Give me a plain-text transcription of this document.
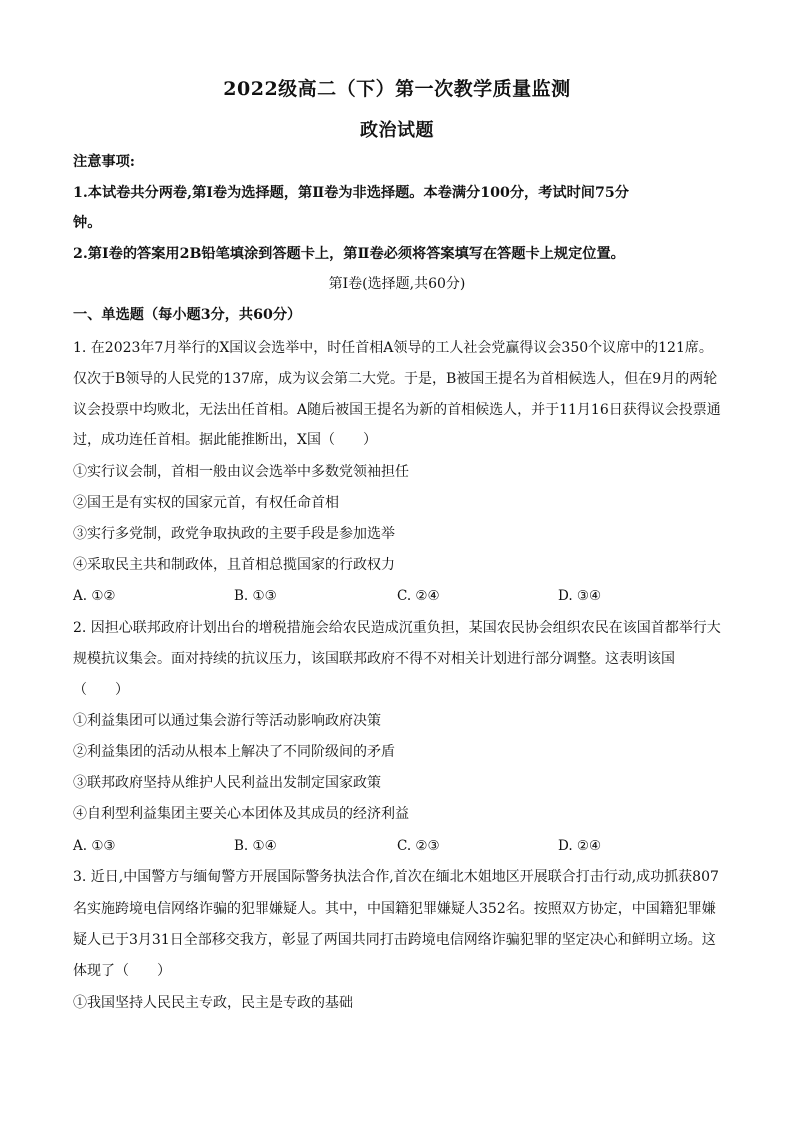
2022级高二（下）第一次教学质量监测
政治试题
注意事项:
1.本试卷共分两卷,第Ⅰ卷为选择题，第Ⅱ卷为非选择题。本卷满分100分，考试时间75分
钟。
2.第Ⅰ卷的答案用2B铅笔填涂到答题卡上，第Ⅱ卷必须将答案填写在答题卡上规定位置。
第Ⅰ卷(选择题,共60分)
一、单选题（每小题3分，共60分）
1. 在2023年7月举行的X国议会选举中，时任首相A领导的工人社会党赢得议会350个议席中的121席。
仅次于B领导的人民党的137席，成为议会第二大党。于是，B被国王提名为首相候选人，但在9月的两轮
议会投票中均败北，无法出任首相。A随后被国王提名为新的首相候选人，并于11月16日获得议会投票通
过，成功连任首相。据此能推断出，X国（　　）
①实行议会制，首相一般由议会选举中多数党领袖担任
②国王是有实权的国家元首，有权任命首相
③实行多党制，政党争取执政的主要手段是参加选举
④采取民主共和制政体，且首相总揽国家的行政权力
A. ①②	B. ①③	C. ②④	D. ③④
2. 因担心联邦政府计划出台的增税措施会给农民造成沉重负担，某国农民协会组织农民在该国首都举行大
规模抗议集会。面对持续的抗议压力，该国联邦政府不得不对相关计划进行部分调整。这表明该国
（　　）
①利益集团可以通过集会游行等活动影响政府决策
②利益集团的活动从根本上解决了不同阶级间的矛盾
③联邦政府坚持从维护人民利益出发制定国家政策
④自利型利益集团主要关心本团体及其成员的经济利益
A. ①③	B. ①④	C. ②③	D. ②④
3. 近日,中国警方与缅甸警方开展国际警务执法合作,首次在缅北木姐地区开展联合打击行动,成功抓获807
名实施跨境电信网络诈骗的犯罪嫌疑人。其中，中国籍犯罪嫌疑人352名。按照双方协定，中国籍犯罪嫌
疑人已于3月31日全部移交我方，彰显了两国共同打击跨境电信网络诈骗犯罪的坚定决心和鲜明立场。这
体现了（　　）
①我国坚持人民民主专政，民主是专政的基础
